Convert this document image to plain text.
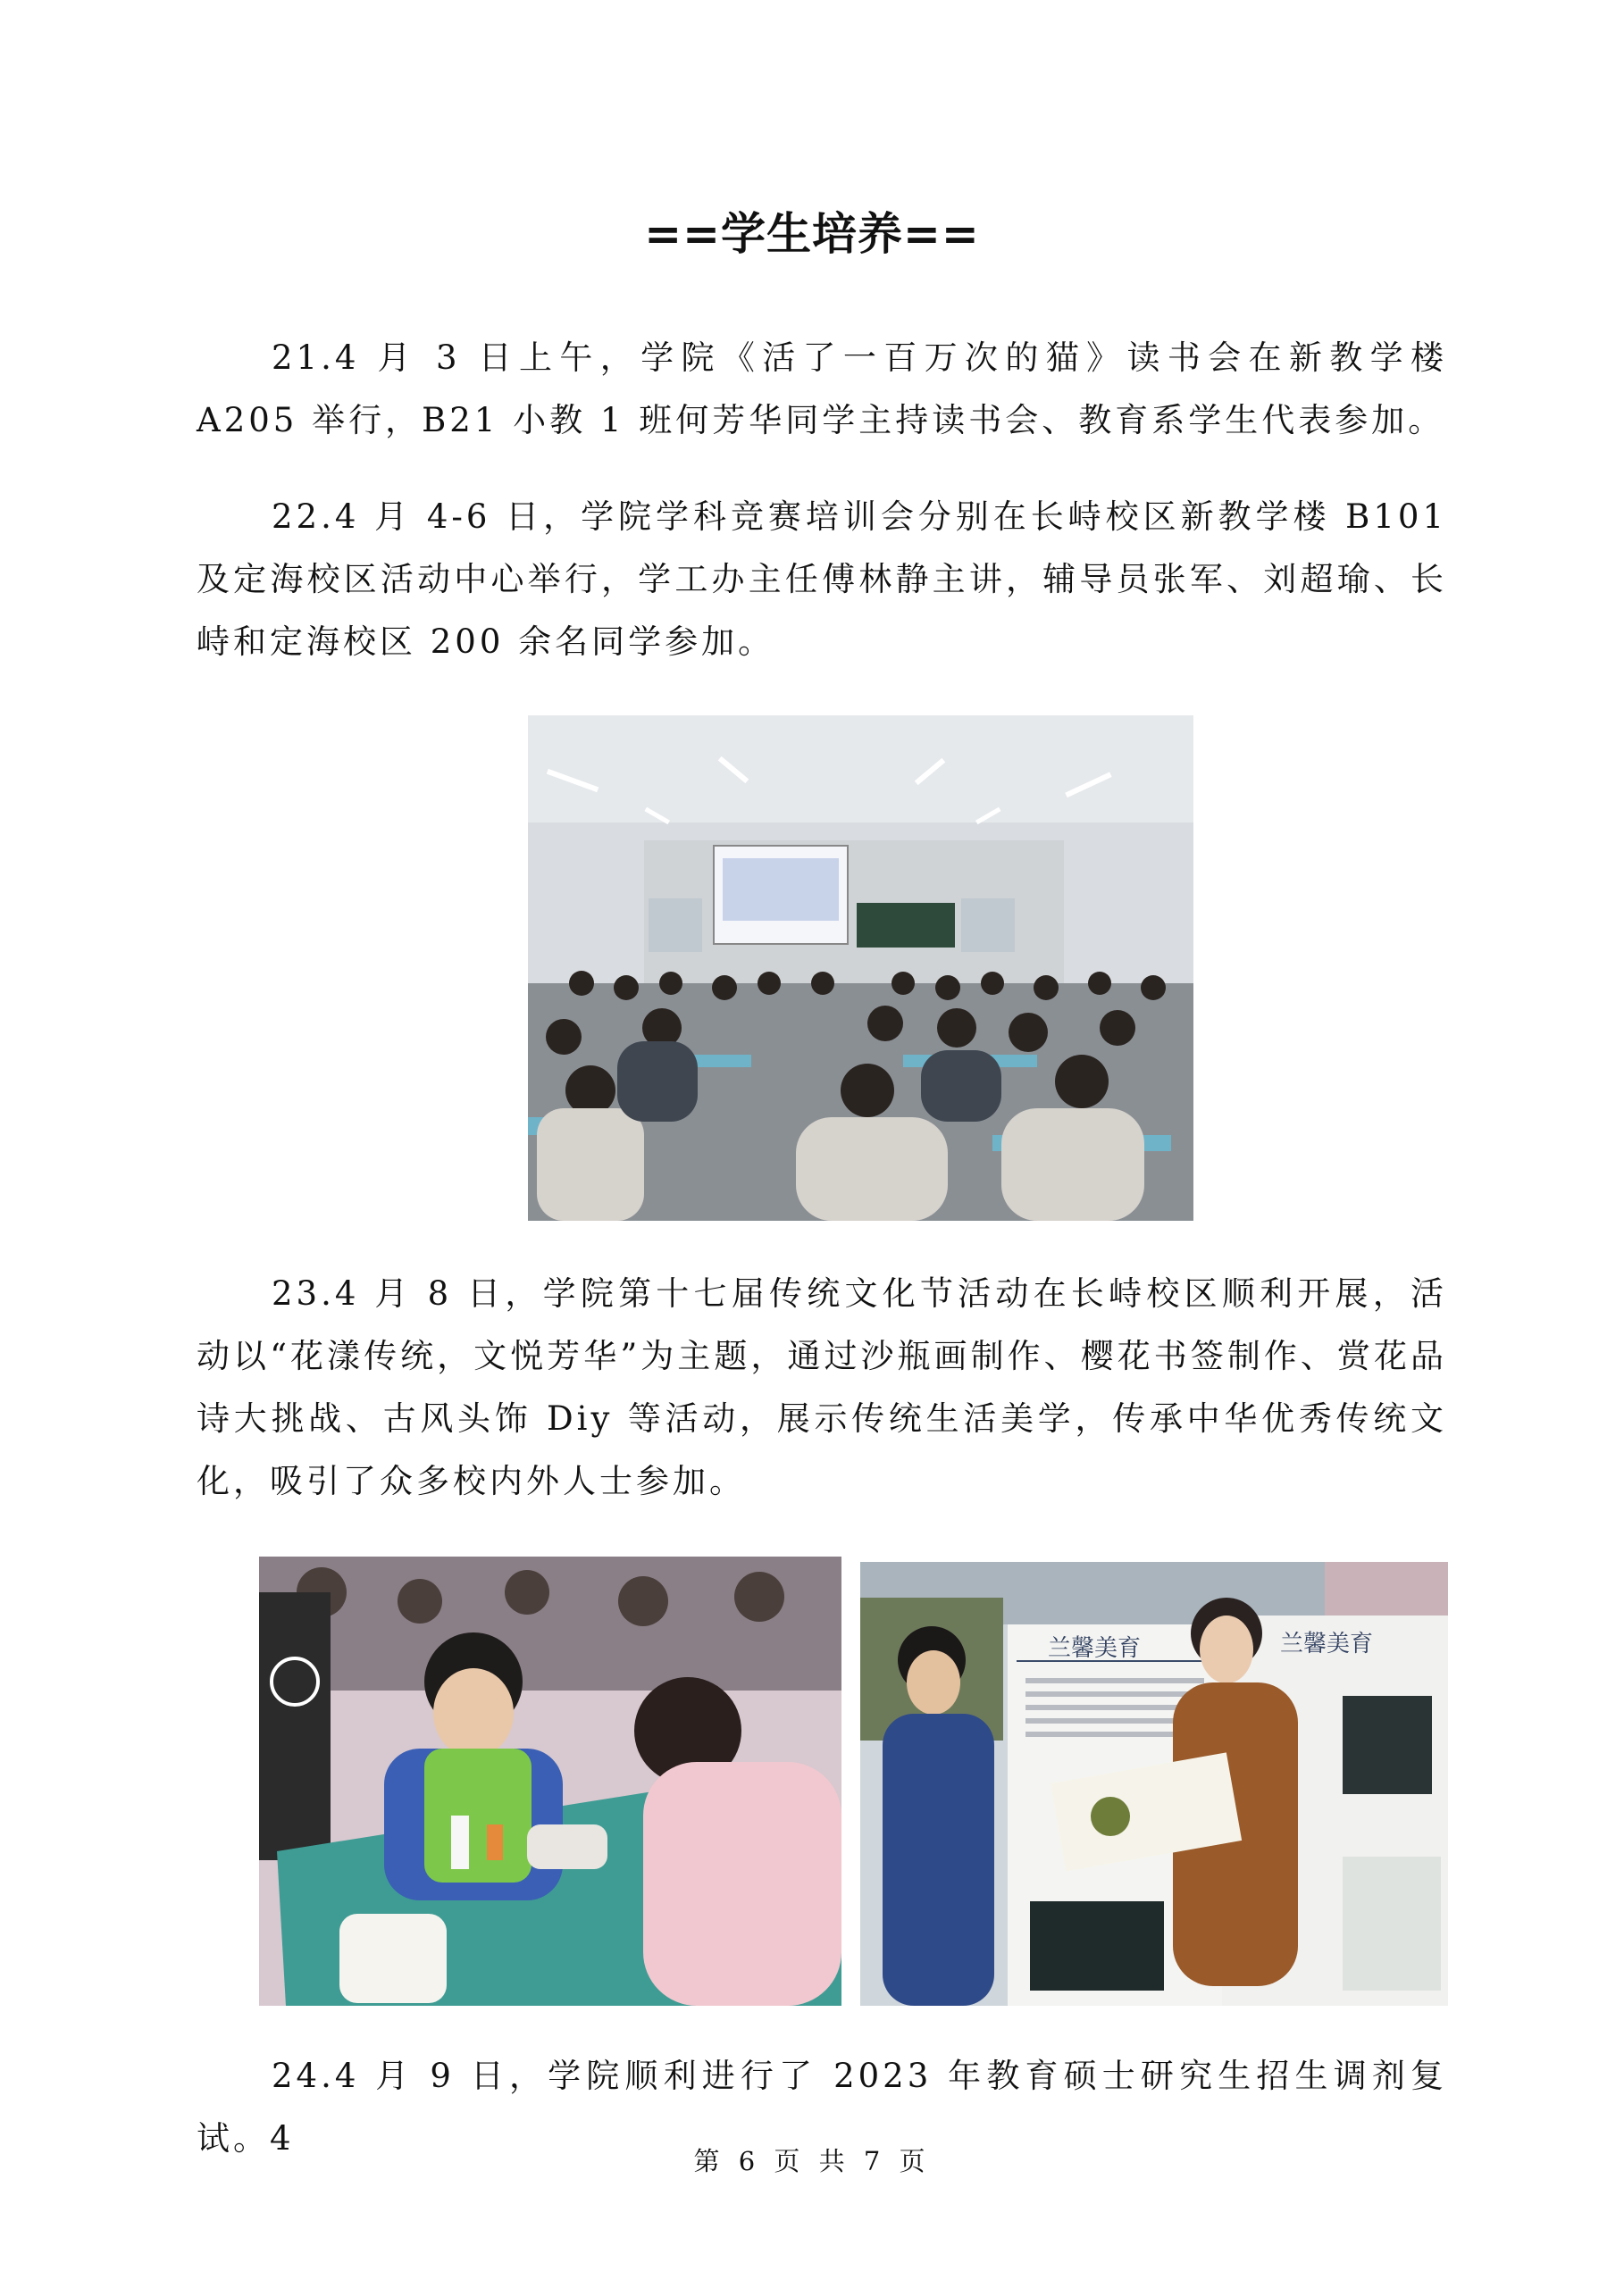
==学生培养==

21.4 月 3 日上午，学院《活了一百万次的猫》读书会在新教学楼 A205 举行，B21 小教 1 班何芳华同学主持读书会、教育系学生代表参加。

22.4 月 4-6 日，学院学科竞赛培训会分别在长峙校区新教学楼 B101 及定海校区活动中心举行，学工办主任傅林静主讲，辅导员张军、刘超瑜、长峙和定海校区 200 余名同学参加。

23.4 月 8 日，学院第十七届传统文化节活动在长峙校区顺利开展，活动以“花漾传统，文悦芳华”为主题，通过沙瓶画制作、樱花书签制作、赏花品诗大挑战、古风头饰 Diy 等活动，展示传统生活美学，传承中华优秀传统文化，吸引了众多校内外人士参加。

兰馨美育	兰馨美育

24.4 月 9 日，学院顺利进行了 2023 年教育硕士研究生招生调剂复试。4

第 6 页 共 7 页
